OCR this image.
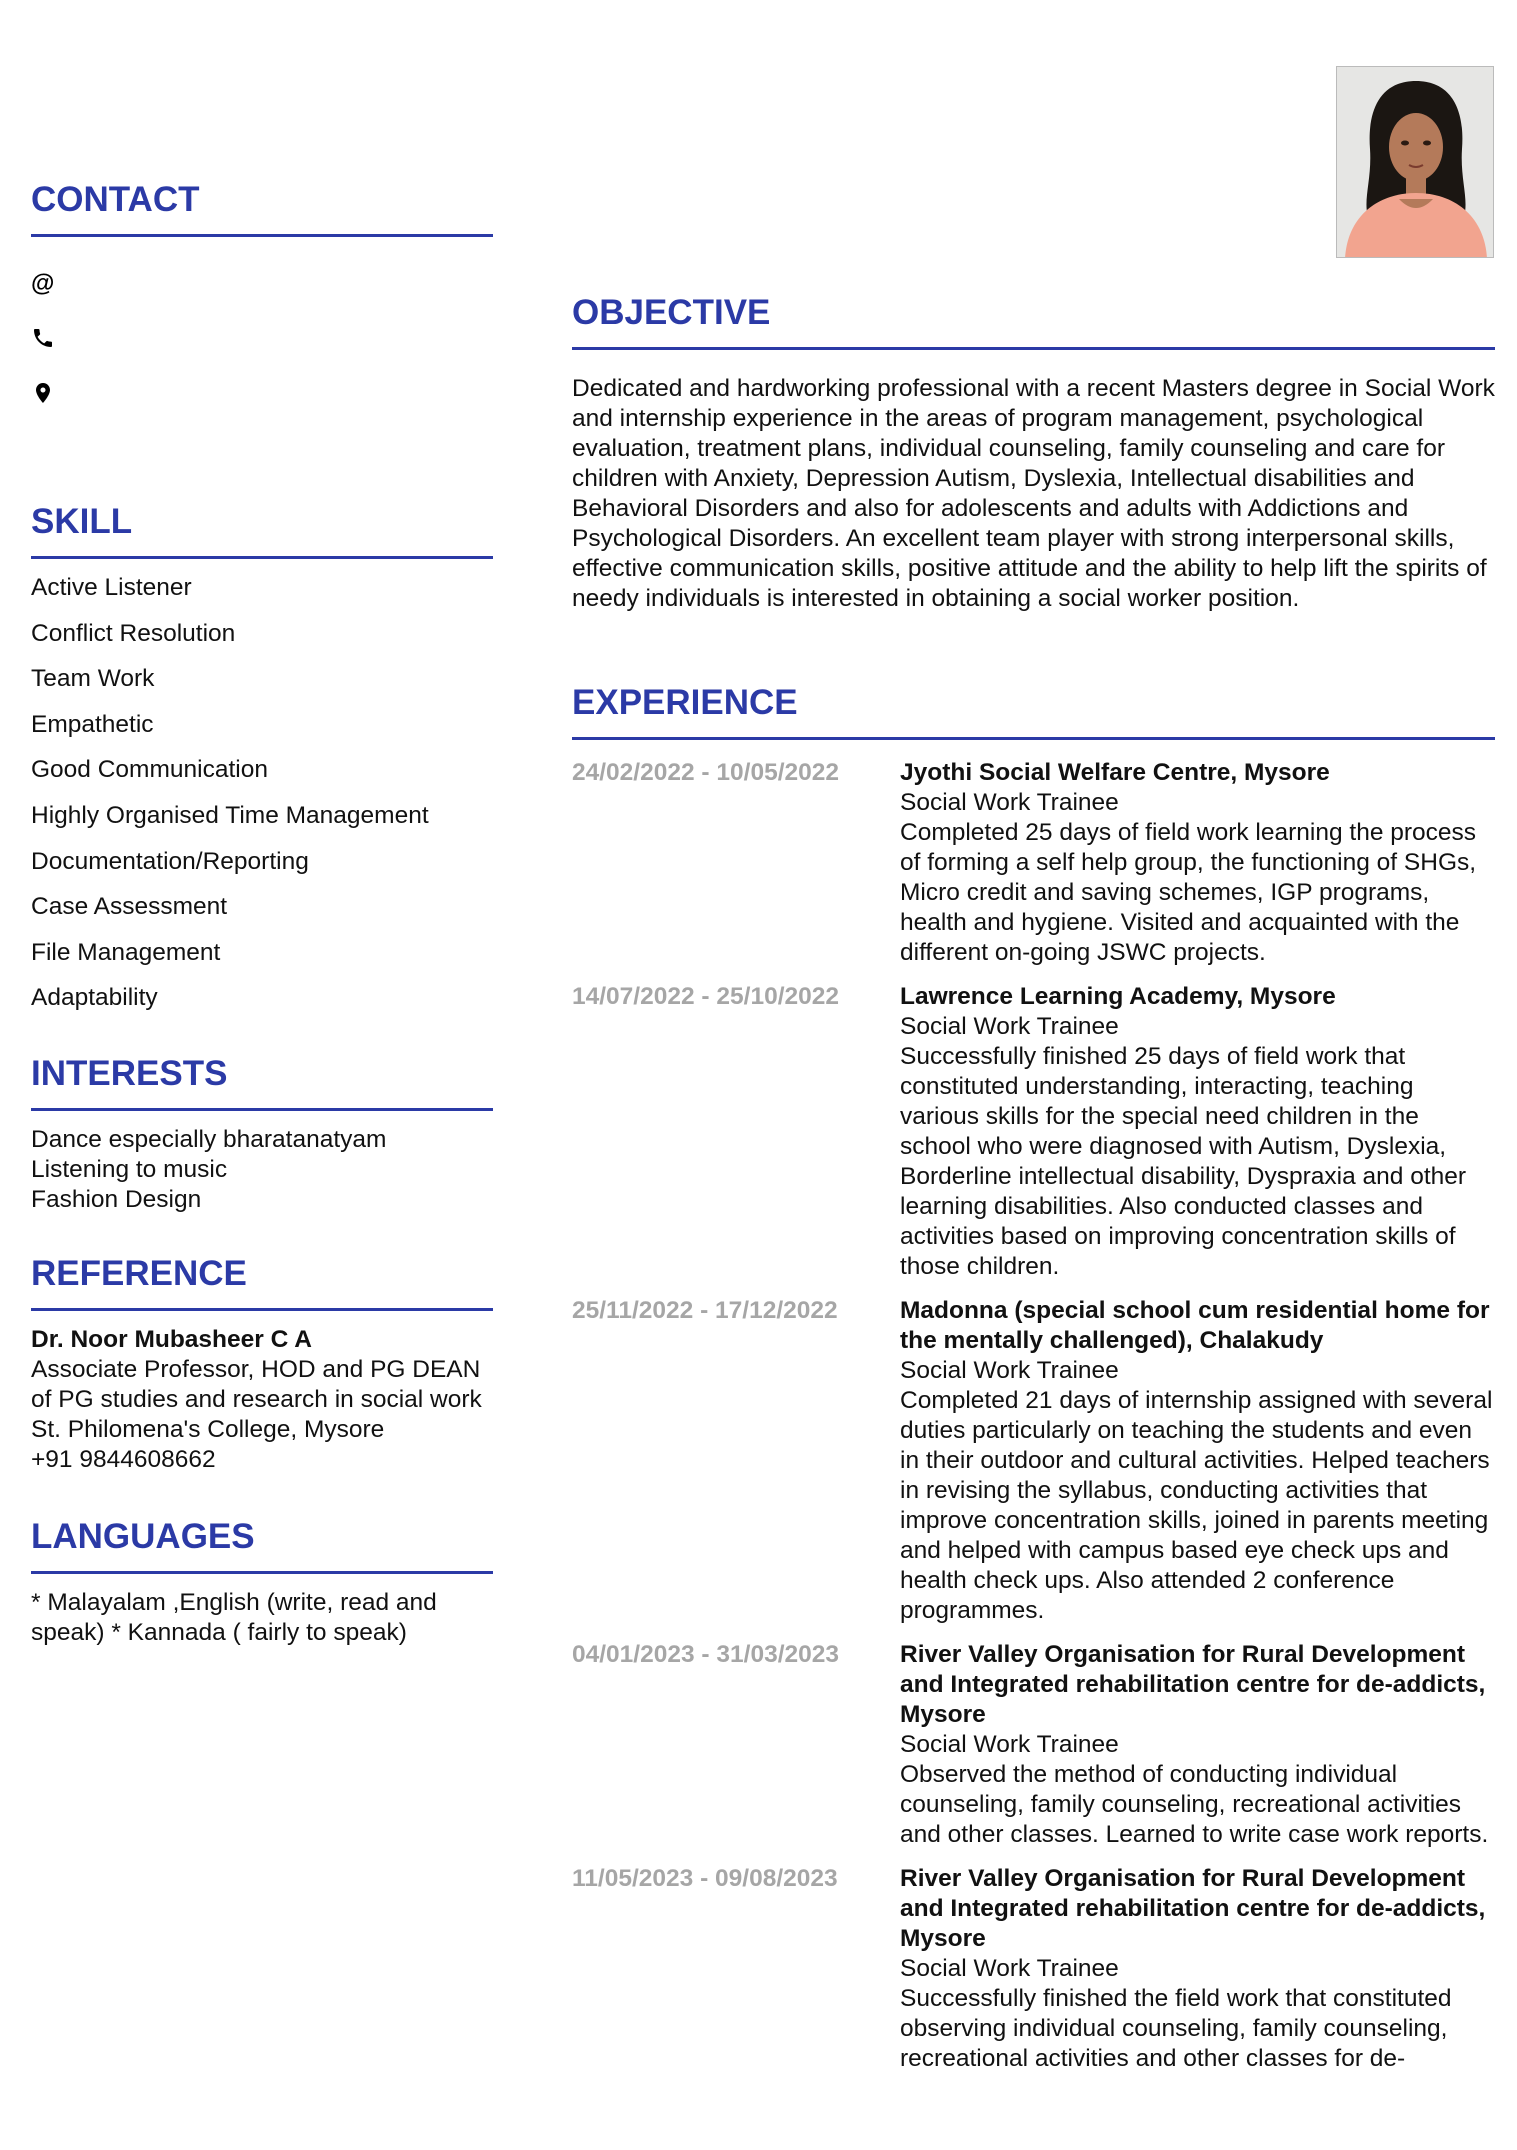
CONTACT
@
SKILL
Active Listener
Conflict Resolution
Team Work
Empathetic
Good Communication
Highly Organised Time Management
Documentation/Reporting
Case Assessment
File Management
Adaptability
INTERESTS
Dance especially bharatanatyam
Listening to music
Fashion Design
REFERENCE
Dr. Noor Mubasheer C A
Associate Professor, HOD and PG DEAN
of PG studies and research in social work
St. Philomena's College, Mysore
+91 9844608662
LANGUAGES
* Malayalam ,English (write, read and speak) * Kannada ( fairly to speak)
OBJECTIVE
Dedicated and hardworking professional with a recent Masters degree in Social Work and internship experience in the areas of program management, psychological evaluation, treatment plans, individual counseling, family counseling and care for children with Anxiety, Depression Autism, Dyslexia, Intellectual disabilities and Behavioral Disorders and also for adolescents and adults with Addictions and Psychological Disorders. An excellent team player with strong interpersonal skills, effective communication skills, positive attitude and the ability to help lift the spirits of needy individuals is interested in obtaining a social worker position.
EXPERIENCE
24/02/2022 - 10/05/2022	Jyothi Social Welfare Centre, Mysore
Social Work Trainee
Completed 25 days of field work learning the process of forming a self help group, the functioning of SHGs, Micro credit and saving schemes, IGP programs, health and hygiene. Visited and acquainted with the different on-going JSWC projects.
14/07/2022 - 25/10/2022	Lawrence Learning Academy, Mysore
Social Work Trainee
Successfully finished 25 days of field work that constituted understanding, interacting, teaching various skills for the special need children in the school who were diagnosed with Autism, Dyslexia, Borderline intellectual disability, Dyspraxia and other learning disabilities. Also conducted classes and activities based on improving concentration skills of those children.
25/11/2022 - 17/12/2022	Madonna (special school cum residential home for the mentally challenged), Chalakudy
Social Work Trainee
Completed 21 days of internship assigned with several duties particularly on teaching the students and even in their outdoor and cultural activities. Helped teachers in revising the syllabus, conducting activities that improve concentration skills, joined in parents meeting and helped with campus based eye check ups and health check ups. Also attended 2 conference programmes.
04/01/2023 - 31/03/2023	River Valley Organisation for Rural Development and Integrated rehabilitation centre for de-addicts, Mysore
Social Work Trainee
Observed the method of conducting individual counseling, family counseling, recreational activities and other classes. Learned to write case work reports.
11/05/2023 - 09/08/2023	River Valley Organisation for Rural Development and Integrated rehabilitation centre for de-addicts, Mysore
Social Work Trainee
Successfully finished the field work that constituted observing individual counseling, family counseling, recreational activities and other classes for de-
